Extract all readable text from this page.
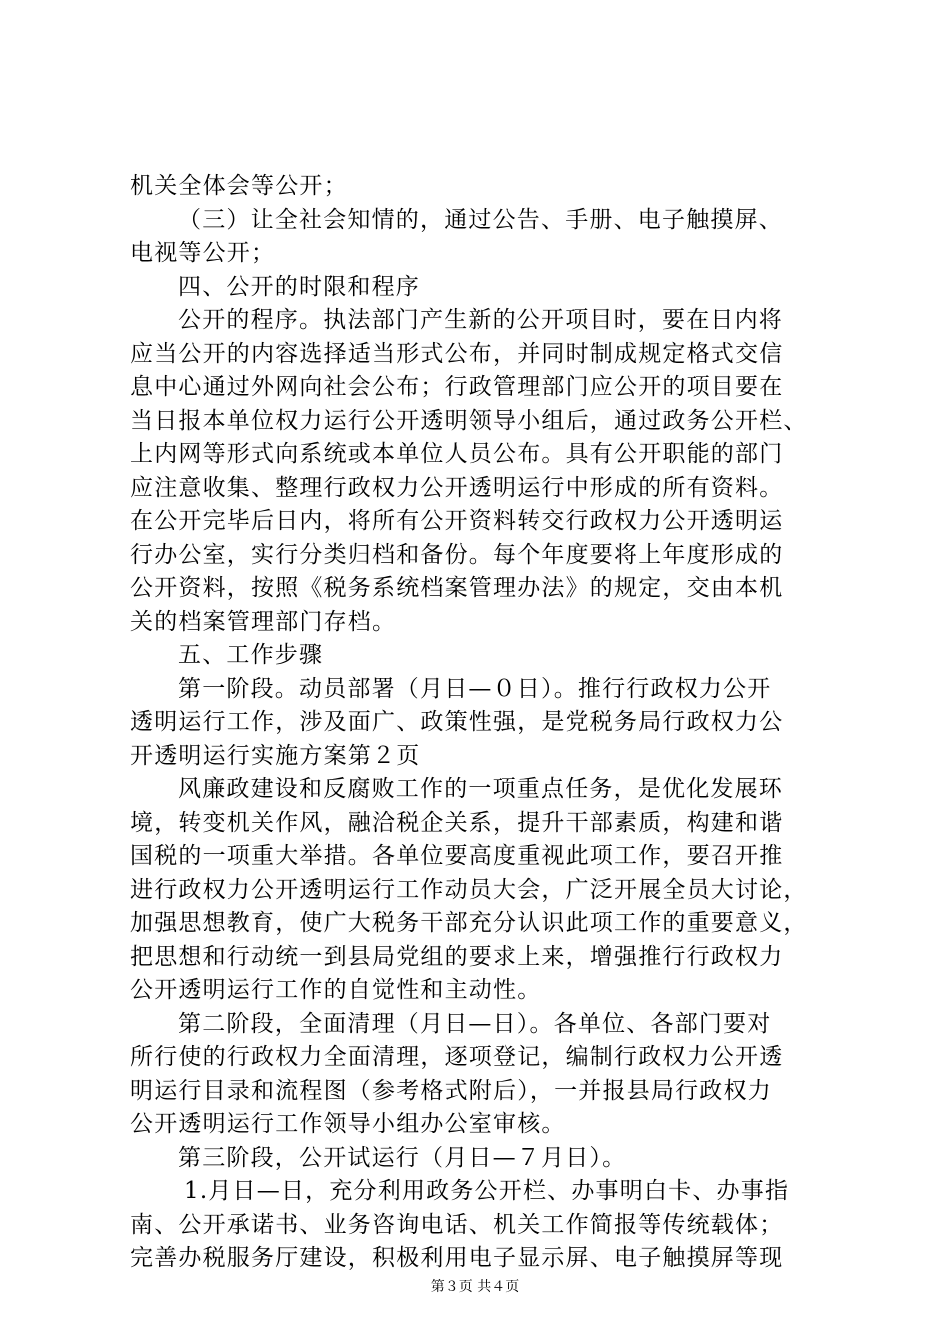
机关全体会等公开；
（三）让全社会知情的，通过公告、手册、电子触摸屏、
电视等公开；
四、公开的时限和程序
公开的程序。执法部门产生新的公开项目时，要在日内将
应当公开的内容选择适当形式公布，并同时制成规定格式交信
息中心通过外网向社会公布；行政管理部门应公开的项目要在
当日报本单位权力运行公开透明领导小组后，通过政务公开栏、
上内网等形式向系统或本单位人员公布。具有公开职能的部门
应注意收集、整理行政权力公开透明运行中形成的所有资料。
在公开完毕后日内，将所有公开资料转交行政权力公开透明运
行办公室，实行分类归档和备份。每个年度要将上年度形成的
公开资料，按照《税务系统档案管理办法》的规定，交由本机
关的档案管理部门存档。
五、工作步骤
第一阶段。动员部署（月日—０日）。推行行政权力公开
透明运行工作，涉及面广、政策性强，是党税务局行政权力公
开透明运行实施方案第２页
风廉政建设和反腐败工作的一项重点任务，是优化发展环
境，转变机关作风，融洽税企关系，提升干部素质，构建和谐
国税的一项重大举措。各单位要高度重视此项工作，要召开推
进行政权力公开透明运行工作动员大会，广泛开展全员大讨论，
加强思想教育，使广大税务干部充分认识此项工作的重要意义，
把思想和行动统一到县局党组的要求上来，增强推行行政权力
公开透明运行工作的自觉性和主动性。
第二阶段，全面清理（月日—日）。各单位、各部门要对
所行使的行政权力全面清理，逐项登记，编制行政权力公开透
明运行目录和流程图（参考格式附后），一并报县局行政权力
公开透明运行工作领导小组办公室审核。
第三阶段，公开试运行（月日—７月日）。
1.月日—日，充分利用政务公开栏、办事明白卡、办事指
南、公开承诺书、业务咨询电话、机关工作简报等传统载体；
完善办税服务厅建设，积极利用电子显示屏、电子触摸屏等现
第３页 共４页
